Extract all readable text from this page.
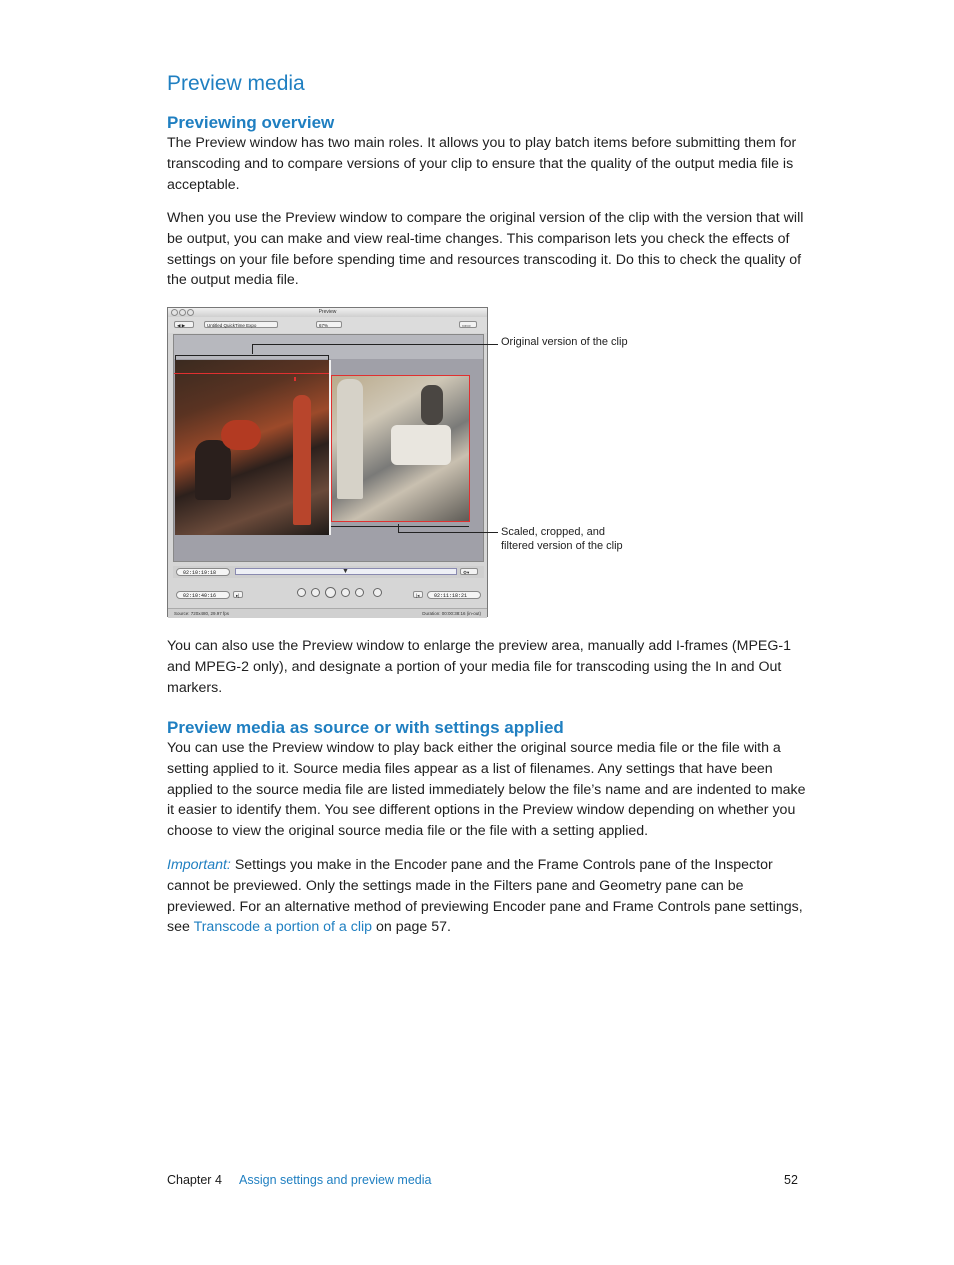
Preview media
Previewing overview

The Preview window has two main roles. It allows you to play batch items before submitting them for transcoding and to compare versions of your clip to ensure that the quality of the output media file is acceptable.

When you use the Preview window to compare the original version of the clip with the version that will be output, you can make and view real-time changes. This comparison lets you check the effects of settings on your file before spending time and resources transcoding it. Do this to check the quality of the output media file.

Preview
◀ ▶	Untitled QuickTime Expo	67%	▭▭
02:10:19:18	▼	⚙▾
02:10:40:16	▸|	|◂	02:11:18:21
Source: 720x480, 29.97 fps	Duration: 00:00:38:16 (in-out)
Original version of the clip
Scaled, cropped, and
filtered version of the clip

You can also use the Preview window to enlarge the preview area, manually add I-frames (MPEG-1 and MPEG-2 only), and designate a portion of your media file for transcoding using the In and Out markers.

Preview media as source or with settings applied

You can use the Preview window to play back either the original source media file or the file with a setting applied to it. Source media files appear as a list of filenames. Any settings that have been applied to the source media file are listed immediately below the file’s name and are indented to make it easier to identify them. You see different options in the Preview window depending on whether you choose to view the original source media file or the file with a setting applied.

Important: Settings you make in the Encoder pane and the Frame Controls pane of the Inspector cannot be previewed. Only the settings made in the Filters pane and Geometry pane can be previewed. For an alternative method of previewing Encoder pane and Frame Controls pane settings, see Transcode a portion of a clip on page 57.

Chapter 4 Assign settings and preview media	52
